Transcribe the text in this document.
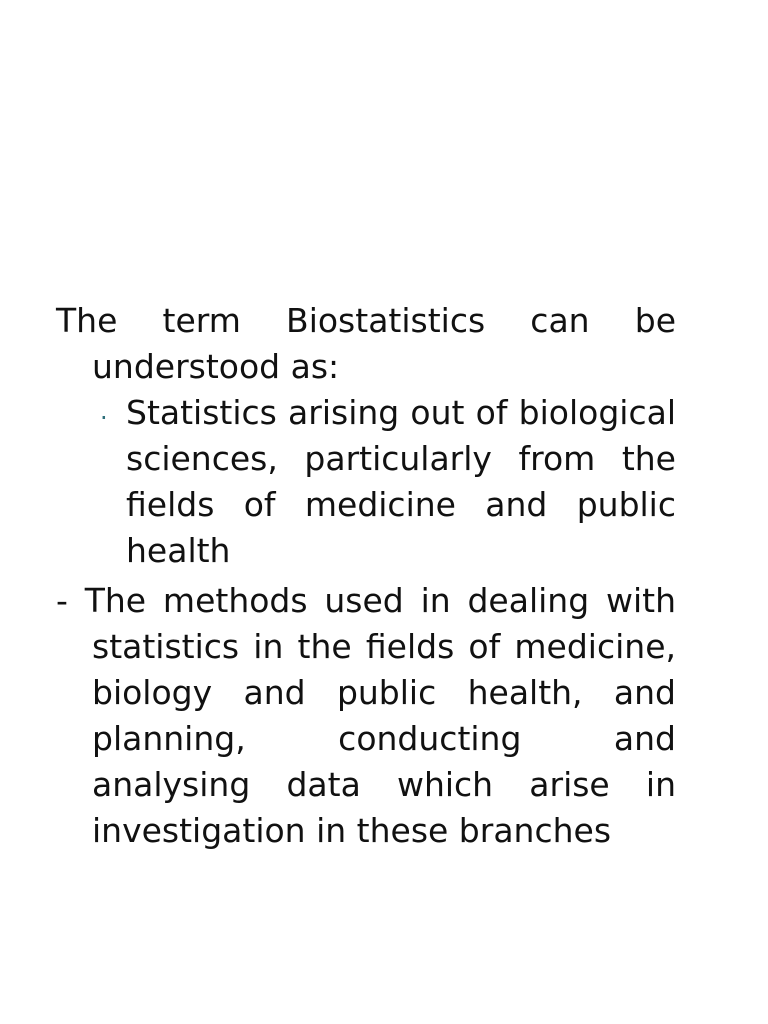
The term Biostatistics can be understood as:

. Statistics arising out of biological sciences, particularly from the fields of medicine and public health

- The methods used in dealing with statistics in the fields of medicine, biology and public health, and planning, conducting and analysing data which arise in investigation in these branches
